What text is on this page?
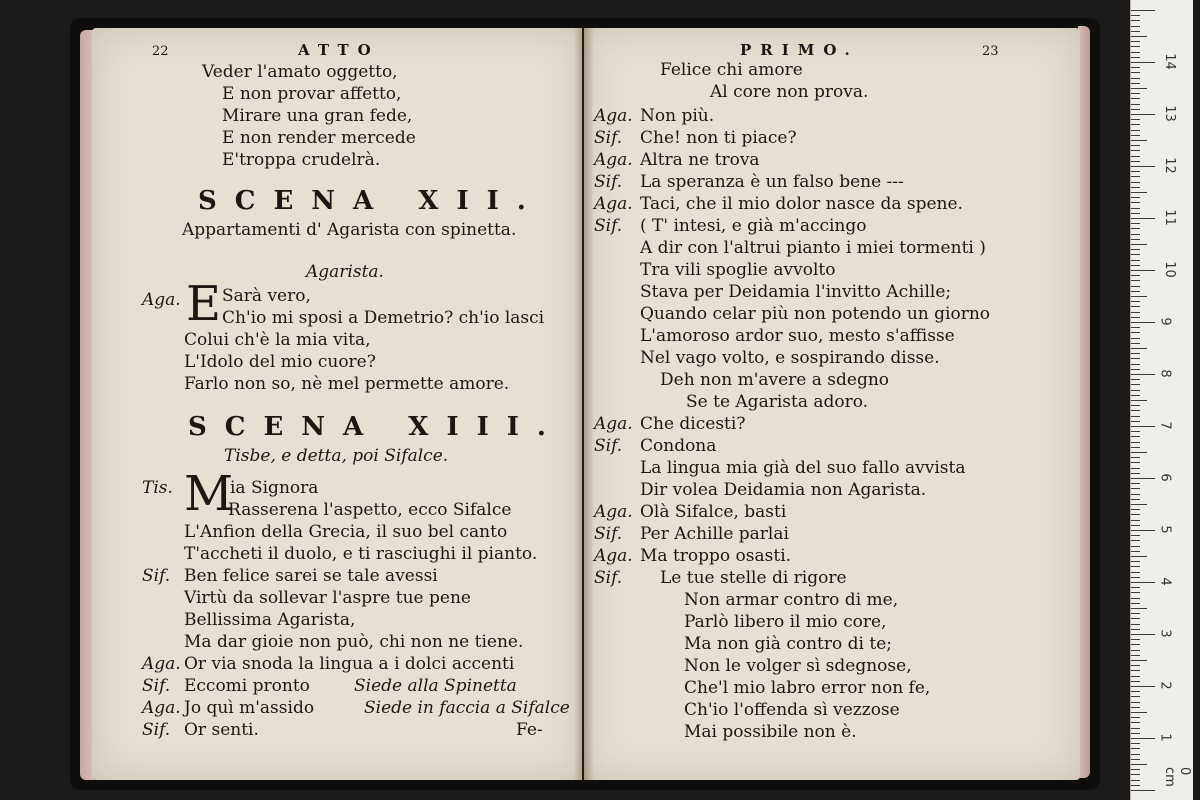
22	ATTO
Veder l'amato oggetto,
E non provar affetto,
Mirare una gran fede,
E non render mercede
E'troppa crudelrà.
SCENA XII.
Appartamenti d' Agarista con spinetta.
Agarista.
Aga. E Sarà vero,
Ch'io mi sposi a Demetrio? ch'io lasci
Colui ch'è la mia vita,
L'Idolo del mio cuore?
Farlo non so, nè mel permette amore.
SCENA XIII.
Tisbe, e detta, poi Sifalce.
Tis. M
ia Signora
Rasserena l'aspetto, ecco Sifalce
L'Anfion della Grecia, il suo bel canto
T'accheti il duolo, e ti rasciughi il pianto.
Sif. Ben felice sarei se tale avessi
Virtù da sollevar l'aspre tue pene
Bellissima Agarista,
Ma dar gioie non può, chi non ne tiene.
Aga. Or via snoda la lingua a i dolci accenti
Sif. Eccomi pronto	Siede alla Spinetta
Aga. Jo quì m'assido	Siede in faccia a Sifalce
Sif. Or senti.	Fe-
PRIMO.	23
Felice chi amore
Al core non prova.
Aga. Non più.
Sif. Che! non ti piace?
Aga. Altra ne trova
Sif. La speranza è un falso bene ---
Aga. Taci, che il mio dolor nasce da spene.
Sif. ( T' intesi, e già m'accingo
A dir con l'altrui pianto i miei tormenti )
Tra vili spoglie avvolto
Stava per Deidamia l'invitto Achille;
Quando celar più non potendo un giorno
L'amoroso ardor suo, mesto s'affisse
Nel vago volto, e sospirando disse.
Deh non m'avere a sdegno
Se te Agarista adoro.
Aga. Che dicesti?
Sif. Condona
La lingua mia già del suo fallo avvista
Dir volea Deidamia non Agarista.
Aga. Olà Sifalce, basti
Sif. Per Achille parlai
Aga. Ma troppo osasti.
Sif. Le tue stelle di rigore
Non armar contro di me,
Parlò libero il mio core,
Ma non già contro di te;
Non le volger sì sdegnose,
Che'l mio labro error non fe,
Ch'io l'offenda sì vezzose
Mai possibile non è.
0 cm
1
2
3
4
5
6
7
8
9
10
11
12
13
14
